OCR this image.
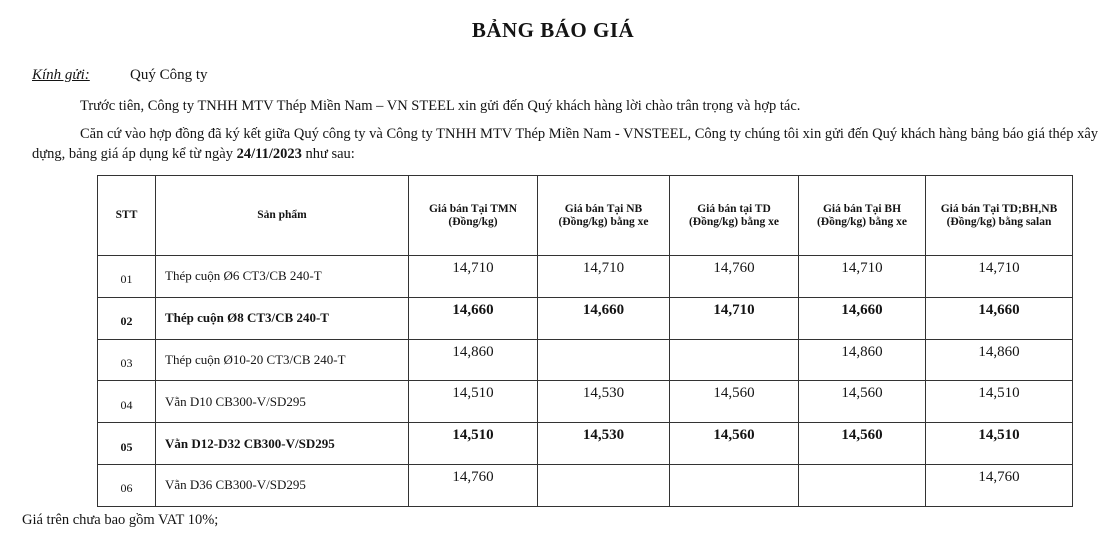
BẢNG BÁO GIÁ
Kính gửi:	Quý Công ty
Trước tiên, Công ty TNHH MTV Thép Miền Nam – VN STEEL xin gửi đến Quý khách hàng lời chào trân trọng và hợp tác.
Căn cứ vào hợp đồng đã ký kết giữa Quý công ty và Công ty TNHH MTV Thép Miền Nam - VNSTEEL, Công ty chúng tôi xin gửi đến Quý khách hàng bảng báo giá thép xây dựng, bảng giá áp dụng kể từ ngày 24/11/2023 như sau:
STT	Sản phẩm	Giá bán Tại TMN (Đồng/kg)	Giá bán Tại NB (Đồng/kg) bằng xe	Giá bán tại TD (Đồng/kg) bằng xe	Giá bán Tại BH (Đồng/kg) bằng xe	Giá bán Tại TD;BH,NB (Đồng/kg) bằng salan
01	Thép cuộn Ø6 CT3/CB 240-T	14,710	14,710	14,760	14,710	14,710
02	Thép cuộn Ø8 CT3/CB 240-T	14,660	14,660	14,710	14,660	14,660
03	Thép cuộn Ø10-20 CT3/CB 240-T	14,860			14,860	14,860
04	Vằn D10 CB300-V/SD295	14,510	14,530	14,560	14,560	14,510
05	Vằn D12-D32 CB300-V/SD295	14,510	14,530	14,560	14,560	14,510
06	Vằn D36 CB300-V/SD295	14,760				14,760
Giá trên chưa bao gồm VAT 10%;
